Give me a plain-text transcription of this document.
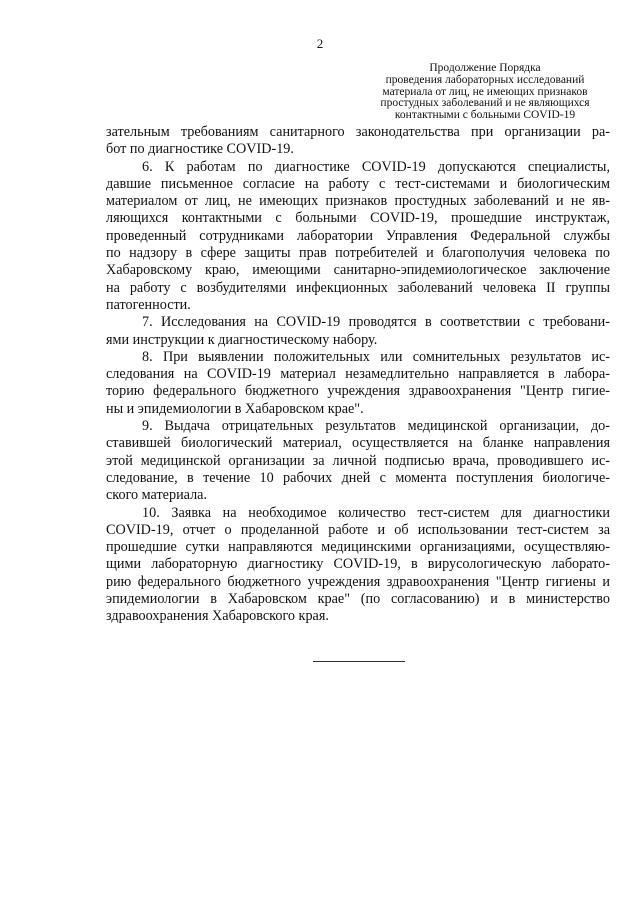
2
Продолжение Порядка
проведения лабораторных исследований
материала от лиц, не имеющих признаков
простудных заболеваний и не являющихся
контактными с больными COVID-19
зательным требованиям санитарного законодательства при организации ра-
бот по диагностике COVID-19.
6. К работам по диагностике COVID-19 допускаются специалисты,
давшие письменное согласие на работу с тест-системами и биологическим
материалом от лиц, не имеющих признаков простудных заболеваний и не яв-
ляющихся контактными с больными COVID-19, прошедшие инструктаж,
проведенный сотрудниками лаборатории Управления Федеральной службы
по надзору в сфере защиты прав потребителей и благополучия человека по
Хабаровскому краю, имеющими санитарно-эпидемиологическое заключение
на работу с возбудителями инфекционных заболеваний человека II группы
патогенности.
7. Исследования на COVID-19 проводятся в соответствии с требовани-
ями инструкции к диагностическому набору.
8. При выявлении положительных или сомнительных результатов ис-
следования на COVID-19 материал незамедлительно направляется в лабора-
торию федерального бюджетного учреждения здравоохранения "Центр гигие-
ны и эпидемиологии в Хабаровском крае".
9. Выдача отрицательных результатов медицинской организации, до-
ставившей биологический материал, осуществляется на бланке направления
этой медицинской организации за личной подписью врача, проводившего ис-
следование, в течение 10 рабочих дней с момента поступления биологиче-
ского материала.
10. Заявка на необходимое количество тест-систем для диагностики
COVID-19, отчет о проделанной работе и об использовании тест-систем за
прошедшие сутки направляются медицинскими организациями, осуществляю-
щими лабораторную диагностику COVID-19, в вирусологическую лаборато-
рию федерального бюджетного учреждения здравоохранения "Центр гигиены и
эпидемиологии в Хабаровском крае" (по согласованию) и в министерство
здравоохранения Хабаровского края.
